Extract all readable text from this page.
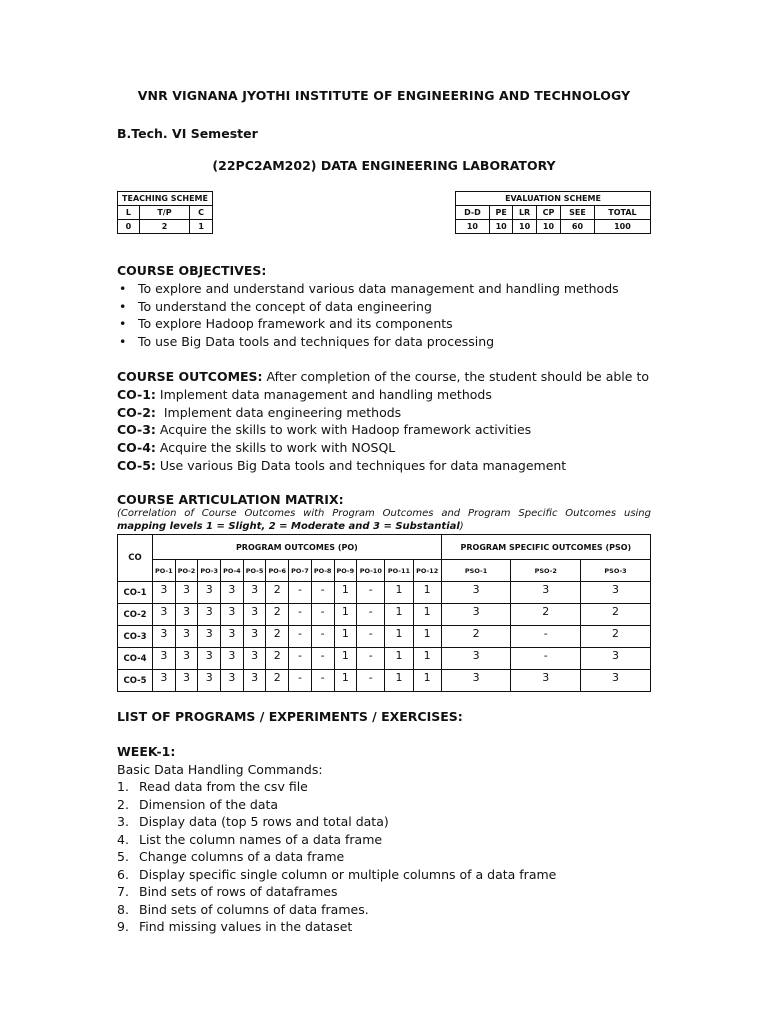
VNR VIGNANA JYOTHI INSTITUTE OF ENGINEERING AND TECHNOLOGY
B.Tech. VI Semester
(22PC2AM202) DATA ENGINEERING LABORATORY
TEACHING SCHEME		
L	T/P	C
0	2	1
EVALUATION SCHEME					
D-D	PE	LR	CP	SEE	TOTAL
10	10	10	10	60	100
COURSE OBJECTIVES:
• To explore and understand various data management and handling methods
• To understand the concept of data engineering
• To explore Hadoop framework and its components
• To use Big Data tools and techniques for data processing
COURSE OUTCOMES: After completion of the course, the student should be able to
CO-1: Implement data management and handling methods
CO-2:  Implement data engineering methods
CO-3: Acquire the skills to work with Hadoop framework activities
CO-4: Acquire the skills to work with NOSQL
CO-5: Use various Big Data tools and techniques for data management
COURSE ARTICULATION MATRIX:
(Correlation of Course Outcomes with Program Outcomes and Program Specific Outcomes using mapping levels 1 = Slight, 2 = Moderate and 3 = Substantial)
CO	PROGRAM OUTCOMES (PO)												PROGRAM SPECIFIC OUTCOMES (PSO)		
	PO-1	PO-2	PO-3	PO-4	PO-5	PO-6	PO-7	PO-8	PO-9	PO-10	PO-11	PO-12	PSO-1	PSO-2	PSO-3
CO-1	3	3	3	3	3	2	-	-	1	-	1	1	3	3	3
CO-2	3	3	3	3	3	2	-	-	1	-	1	1	3	2	2
CO-3	3	3	3	3	3	2	-	-	1	-	1	1	2	-	2
CO-4	3	3	3	3	3	2	-	-	1	-	1	1	3	-	3
CO-5	3	3	3	3	3	2	-	-	1	-	1	1	3	3	3
LIST OF PROGRAMS / EXPERIMENTS / EXERCISES:
WEEK-1:
Basic Data Handling Commands:
1. Read data from the csv file
2. Dimension of the data
3. Display data (top 5 rows and total data)
4. List the column names of a data frame
5. Change columns of a data frame
6. Display specific single column or multiple columns of a data frame
7. Bind sets of rows of dataframes
8. Bind sets of columns of data frames.
9. Find missing values in the dataset
